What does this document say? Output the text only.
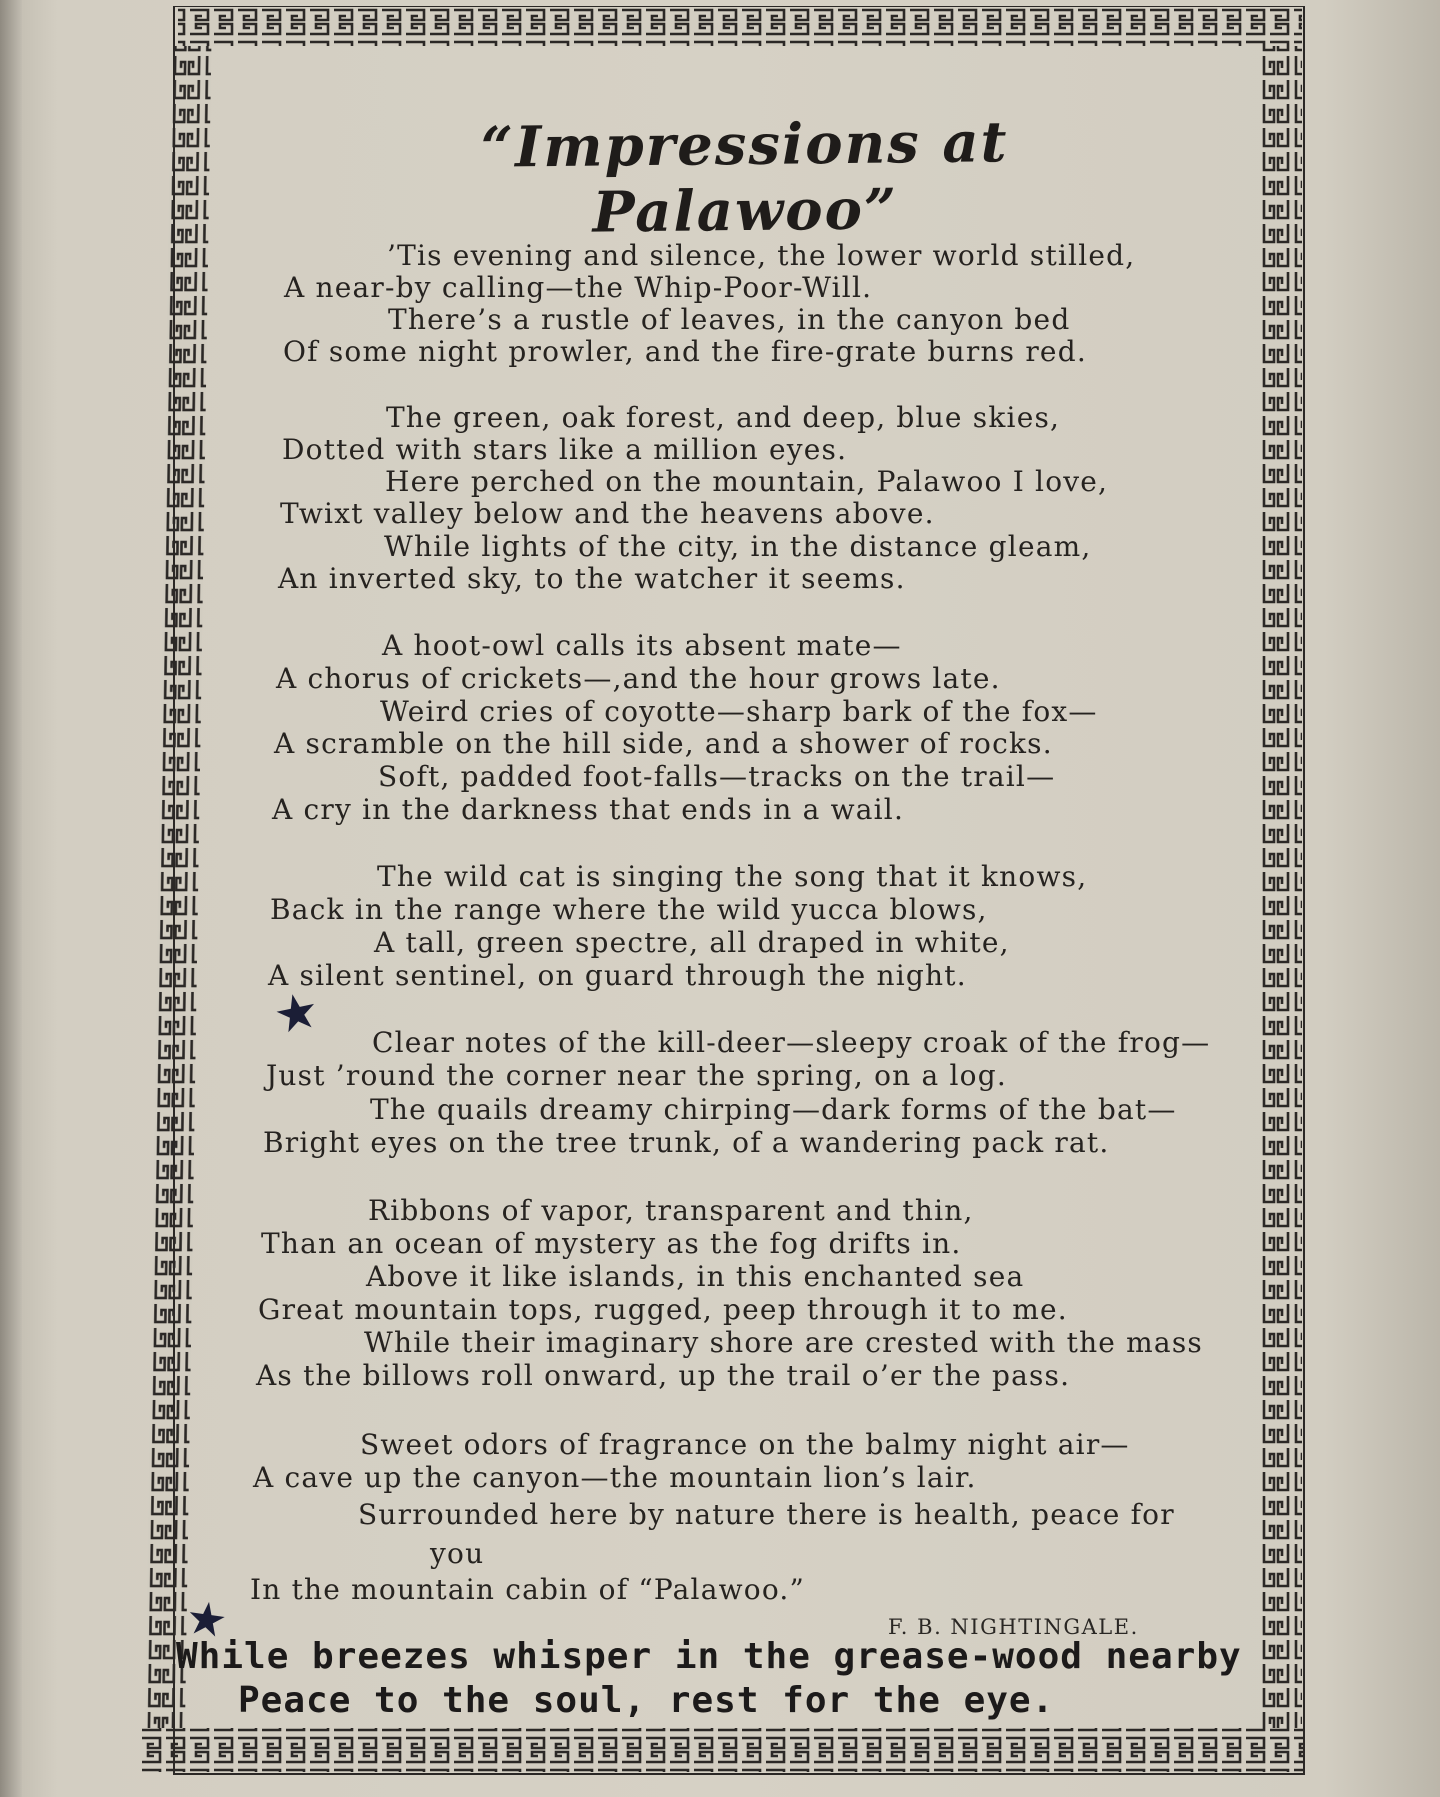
“Impressions at Palawoo”
’Tis evening and silence, the lower world stilled,
A near-by calling—the Whip-Poor-Will.
There’s a rustle of leaves, in the canyon bed
Of some night prowler, and the fire-grate burns red.
The green, oak forest, and deep, blue skies,
Dotted with stars like a million eyes.
Here perched on the mountain, Palawoo I love,
Twixt valley below and the heavens above.
While lights of the city, in the distance gleam,
An inverted sky, to the watcher it seems.
A hoot-owl calls its absent mate—
A chorus of crickets—,and the hour grows late.
Weird cries of coyotte—sharp bark of the fox—
A scramble on the hill side, and a shower of rocks.
Soft, padded foot-falls—tracks on the trail—
A cry in the darkness that ends in a wail.
The wild cat is singing the song that it knows,
Back in the range where the wild yucca blows,
A tall, green spectre, all draped in white,
A silent sentinel, on guard through the night.
★ Clear notes of the kill-deer—sleepy croak of the frog—
Just ’round the corner near the spring, on a log.
The quails dreamy chirping—dark forms of the bat—
Bright eyes on the tree trunk, of a wandering pack rat.
Ribbons of vapor, transparent and thin,
Than an ocean of mystery as the fog drifts in.
Above it like islands, in this enchanted sea
Great mountain tops, rugged, peep through it to me.
While their imaginary shore are crested with the mass
As the billows roll onward, up the trail o’er the pass.
Sweet odors of fragrance on the balmy night air—
A cave up the canyon—the mountain lion’s lair.
Surrounded here by nature there is health, peace for
you
In the mountain cabin of “Palawoo.”
F. B. NIGHTINGALE.
★
While breezes whisper in the grease-wood nearby
Peace to the soul, rest for the eye.
